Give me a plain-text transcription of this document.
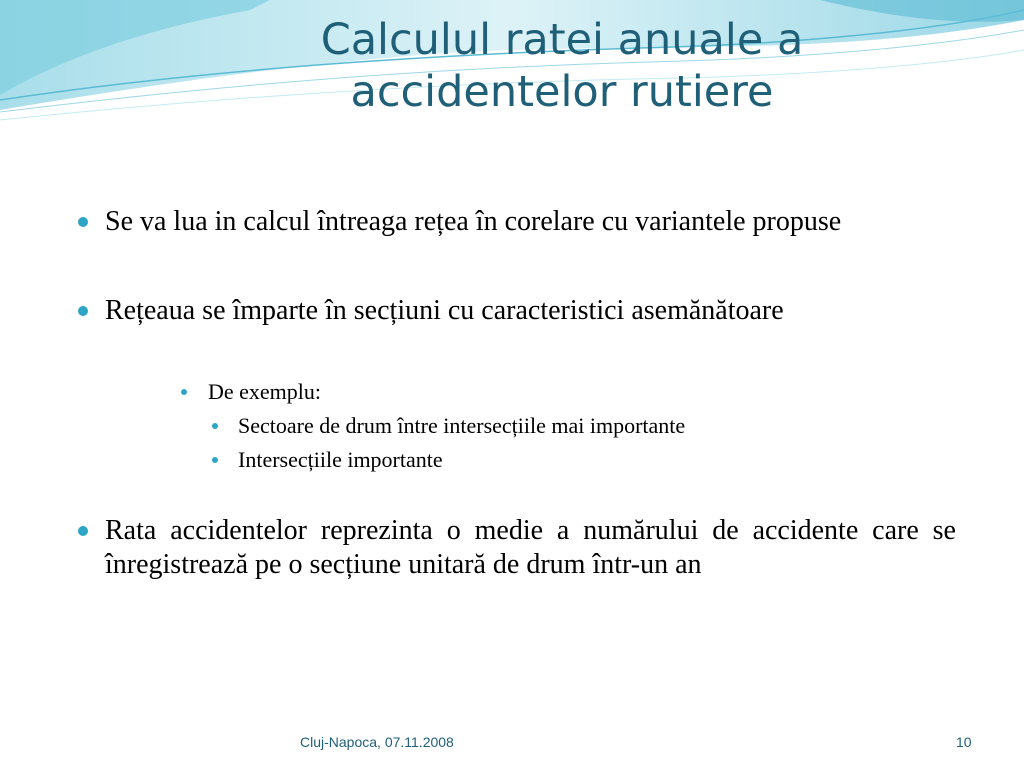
Calculul ratei anuale a
accidentelor rutiere
Se va lua in calcul întreaga rețea în corelare cu variantele propuse
Rețeaua se împarte în secțiuni cu caracteristici asemănătoare
De exemplu:
Sectoare de drum între intersecțiile mai importante
Intersecțiile importante
Rata accidentelor reprezinta o medie a numărului de accidente care se înregistrează pe o secțiune unitară de drum într-un an
Cluj-Napoca, 07.11.2008	10
